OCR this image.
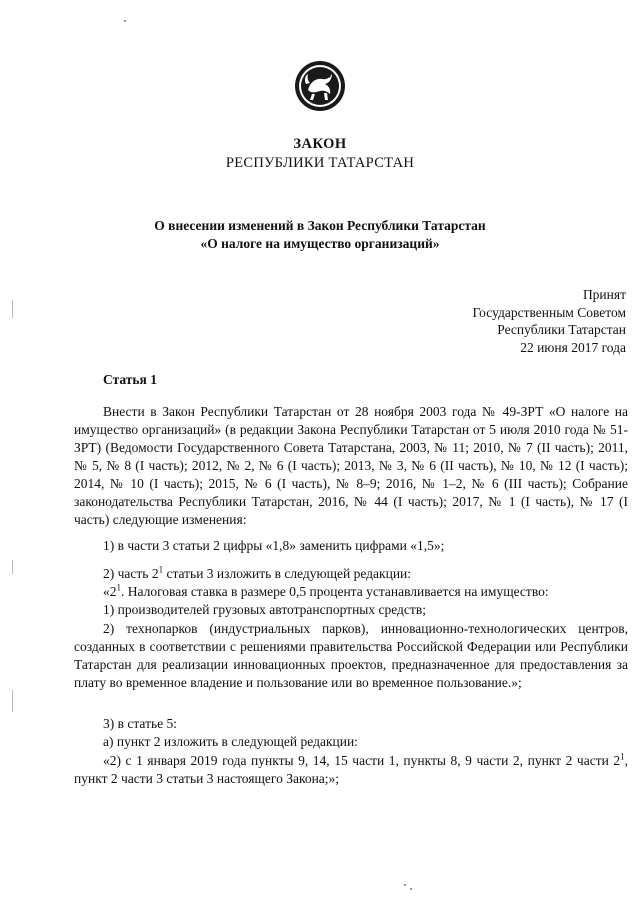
ЗАКОН
РЕСПУБЛИКИ ТАТАРСТАН
О внесении изменений в Закон Республики Татарстан
«О налоге на имущество организаций»
Принят
Государственным Советом
Республики Татарстан
22 июня 2017 года
Статья 1
Внести в Закон Республики Татарстан от 28 ноября 2003 года № 49-ЗРТ «О налоге на имущество организаций» (в редакции Закона Республики Татарстан от 5 июля 2010 года № 51-ЗРТ) (Ведомости Государственного Совета Татарстана, 2003, № 11; 2010, № 7 (II часть); 2011, № 5, № 8 (I часть); 2012, № 2, № 6 (I часть); 2013, № 3, № 6 (II часть), № 10, № 12 (I часть); 2014, № 10 (I часть); 2015, № 6 (I часть), № 8–9; 2016, № 1–2, № 6 (III часть); Собрание законодательства Республики Татарстан, 2016, № 44 (I часть); 2017, № 1 (I часть), № 17 (I часть) следующие изменения:
1) в части 3 статьи 2 цифры «1,8» заменить цифрами «1,5»;
2) часть $2^1$ статьи 3 изложить в следующей редакции:
«$2^1$. Налоговая ставка в размере 0,5 процента устанавливается на имущество:
1) производителей грузовых автотранспортных средств;
2) технопарков (индустриальных парков), инновационно-технологических центров, созданных в соответствии с решениями правительства Российской Федерации или Республики Татарстан для реализации инновационных проектов, предназначенное для предоставления за плату во временное владение и пользование или во временное пользование.»;
3) в статье 5:
а) пункт 2 изложить в следующей редакции:
«2) с 1 января 2019 года пункты 9, 14, 15 части 1, пункты 8, 9 части 2, пункт 2 части $2^1$, пункт 2 части 3 статьи 3 настоящего Закона;»;
